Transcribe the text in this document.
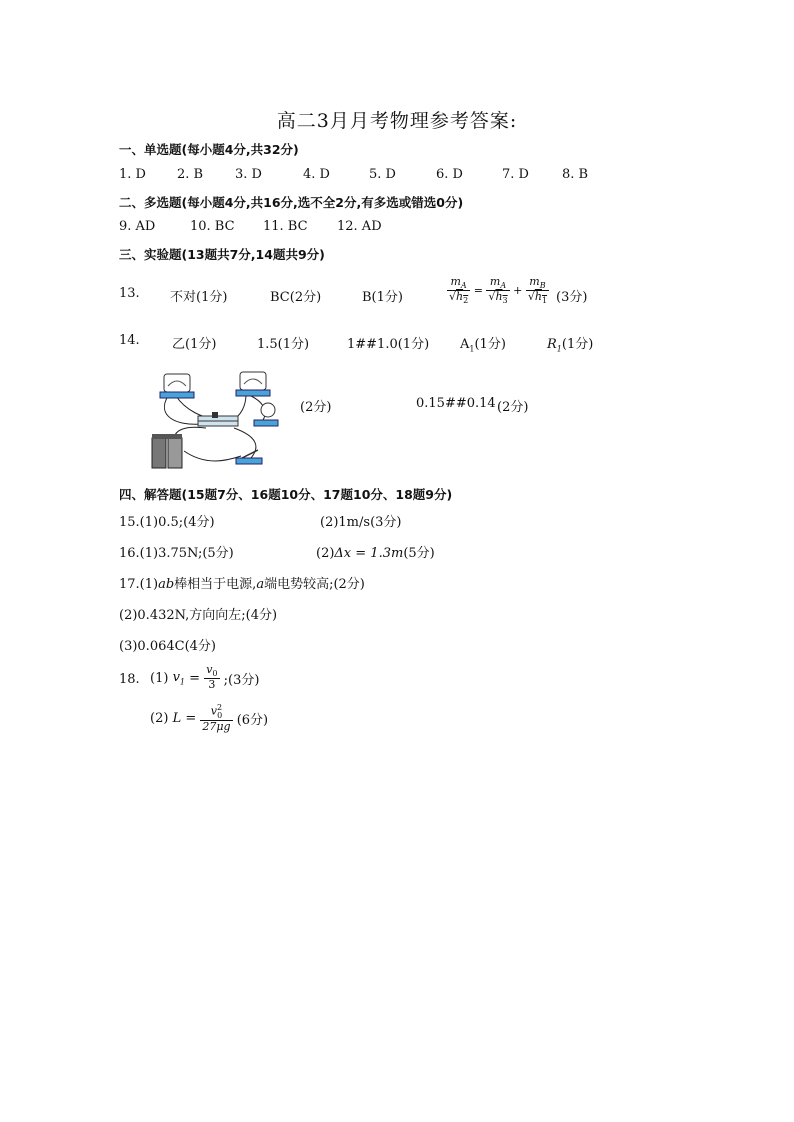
高二3月月考物理参考答案:
一、单选题(每小题4分,共32分)
1. D 2. B 3. D	4. D	5. D	6. D	7. D	8. B
二、多选题(每小题4分,共16分,选不全2分,有多选或错选0分)
9. AD	10. BC 11. BC 12. AD
三、实验题(13题共7分,14题共9分)
13. 不对(1分)	BC(2分)	B(1分)	$\frac{m_A}{√h_2} = \frac{m_A}{√h_3} + \frac{m_B}{√h_1} (3$分)
14. 乙(1分)	1.5(1分)	1##1.0(1分) $A_1(1$分)	$R_1(1$分)
(2分)	0.15##0.14 (2分)
四、解答题(15题7分、16题10分、17题10分、18题9分)
15.(1)0.5;(4分)	(2)1m/s(3分)
16.(1)3.75N;(5分)	(2)Δx = 1.3m(5分)
17.(1)ab棒相当于电源,a端电势较高;(2分)
(2)0.432N,方向向左;(4分)
(3)0.064C(4分)
18. (1) $v_1 = \frac{v_0}{3}$ ;(3分)
(2) $L = \frac{v^2_0}{27\mu g} (6$分)
